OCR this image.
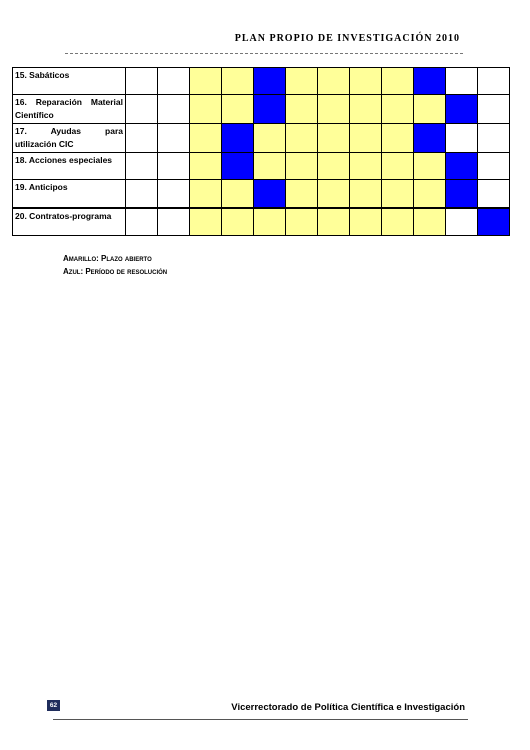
PLAN PROPIO DE INVESTIGACIÓN 2010
15. Sabáticos												
16. Reparación Material Científico												
17. Ayudas para utilización CIC												
18. Acciones especiales												
19. Anticipos												
20. Contratos-programa												
Amarillo: Plazo abierto
Azul: Período de resolución
62	Vicerrectorado de Política Científica e Investigación
